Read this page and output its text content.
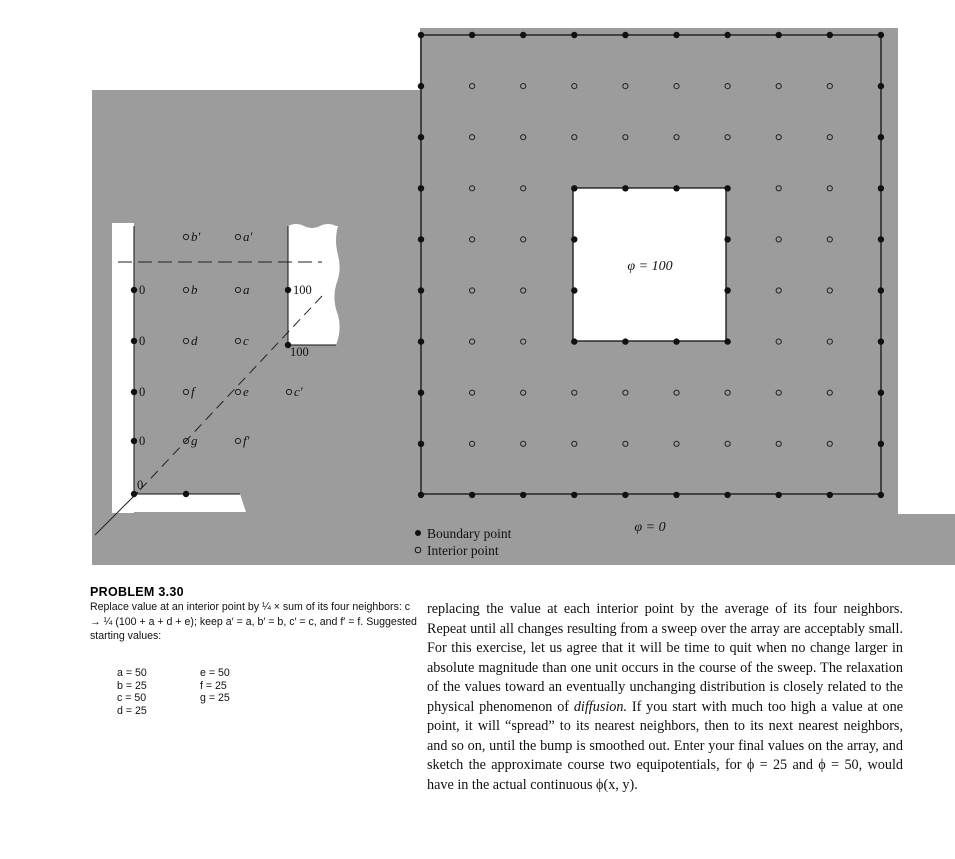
b′	a′
b	a
d	c
f	e	c′
g	f′
0
0
0
0
0
100
100
φ = 100
φ = 0
Boundary point
Interior point
PROBLEM 3.30
Replace value at an interior point by ¼ × sum of its four neighbors: c → ¼ (100 + a + d + e); keep a′ = a, b′ = b, c′ = c, and f′ = f. Suggested starting values:
a = 50
b = 25
c = 50
d = 25
e = 50
f = 25
g = 25
replacing the value at each interior point by the average of its four neighbors. Repeat until all changes resulting from a sweep over the array are acceptably small. For this exercise, let us agree that it will be time to quit when no change larger in absolute magnitude than one unit occurs in the course of the sweep. The relaxation of the values toward an eventually unchanging distribution is closely related to the physical phenomenon of diffusion. If you start with much too high a value at one point, it will “spread” to its nearest neighbors, then to its next nearest neighbors, and so on, until the bump is smoothed out. Enter your final values on the array, and sketch the approximate course two equipotentials, for ϕ = 25 and ϕ = 50, would have in the actual continuous ϕ(x, y).
